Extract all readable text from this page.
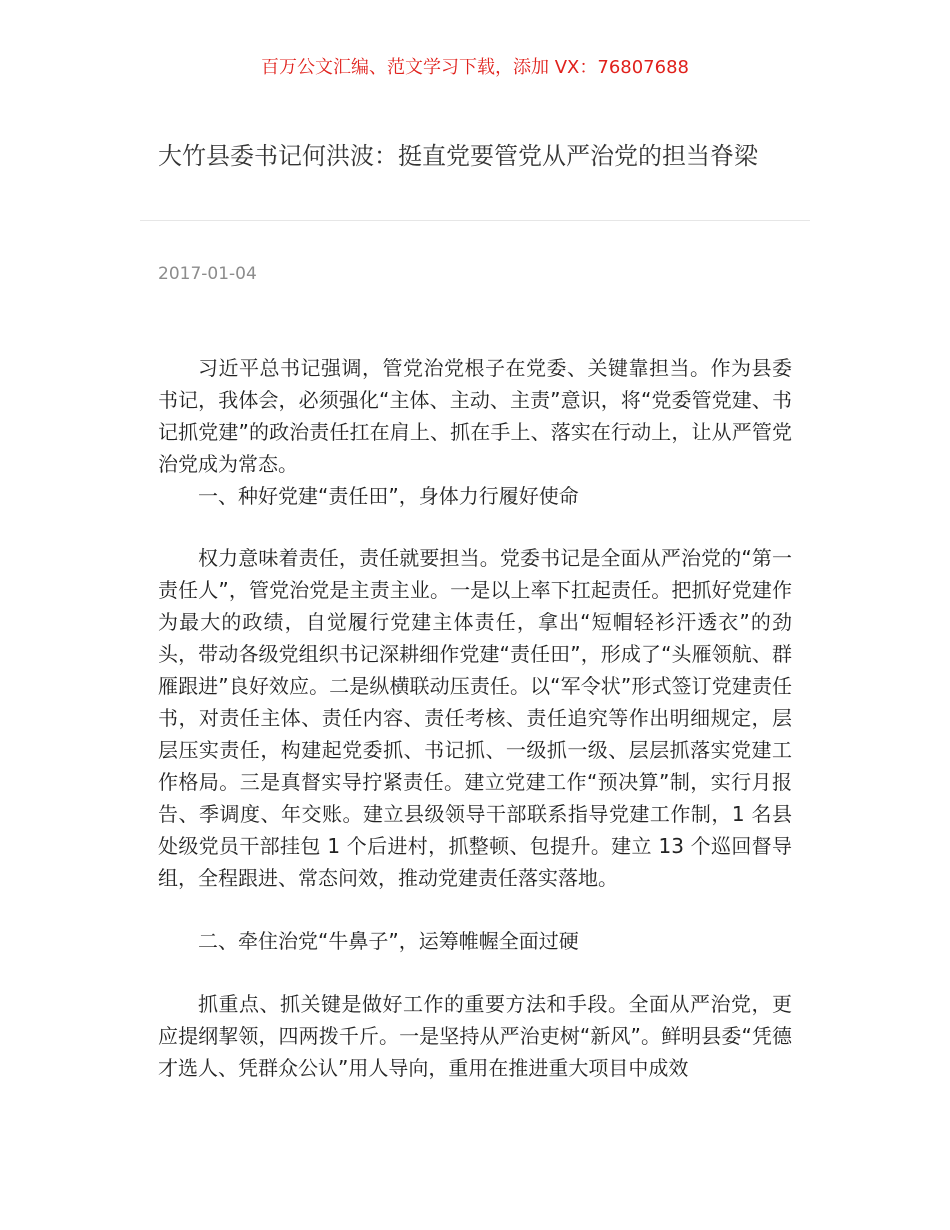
百万公文汇编、范文学习下载，添加 VX：76807688
大竹县委书记何洪波：挺直党要管党从严治党的担当脊梁
2017-01-04

习近平总书记强调，管党治党根子在党委、关键靠担当。作为县委书记，我体会，必须强化“主体、主动、主责”意识，将“党委管党建、书记抓党建”的政治责任扛在肩上、抓在手上、落实在行动上，让从严管党治党成为常态。

一、种好党建“责任田”，身体力行履好使命

权力意味着责任，责任就要担当。党委书记是全面从严治党的“第一责任人”，管党治党是主责主业。一是以上率下扛起责任。把抓好党建作为最大的政绩，自觉履行党建主体责任，拿出“短帽轻衫汗透衣”的劲头，带动各级党组织书记深耕细作党建“责任田”，形成了“头雁领航、群雁跟进”良好效应。二是纵横联动压责任。以“军令状”形式签订党建责任书，对责任主体、责任内容、责任考核、责任追究等作出明细规定，层层压实责任，构建起党委抓、书记抓、一级抓一级、层层抓落实党建工作格局。三是真督实导拧紧责任。建立党建工作“预决算”制，实行月报告、季调度、年交账。建立县级领导干部联系指导党建工作制，1 名县处级党员干部挂包 1 个后进村，抓整顿、包提升。建立 13 个巡回督导组，全程跟进、常态问效，推动党建责任落实落地。

二、牵住治党“牛鼻子”，运筹帷幄全面过硬

抓重点、抓关键是做好工作的重要方法和手段。全面从严治党，更应提纲挈领，四两拨千斤。一是坚持从严治吏树“新风”。鲜明县委“凭德才选人、凭群众公认”用人导向，重用在推进重大项目中成效
